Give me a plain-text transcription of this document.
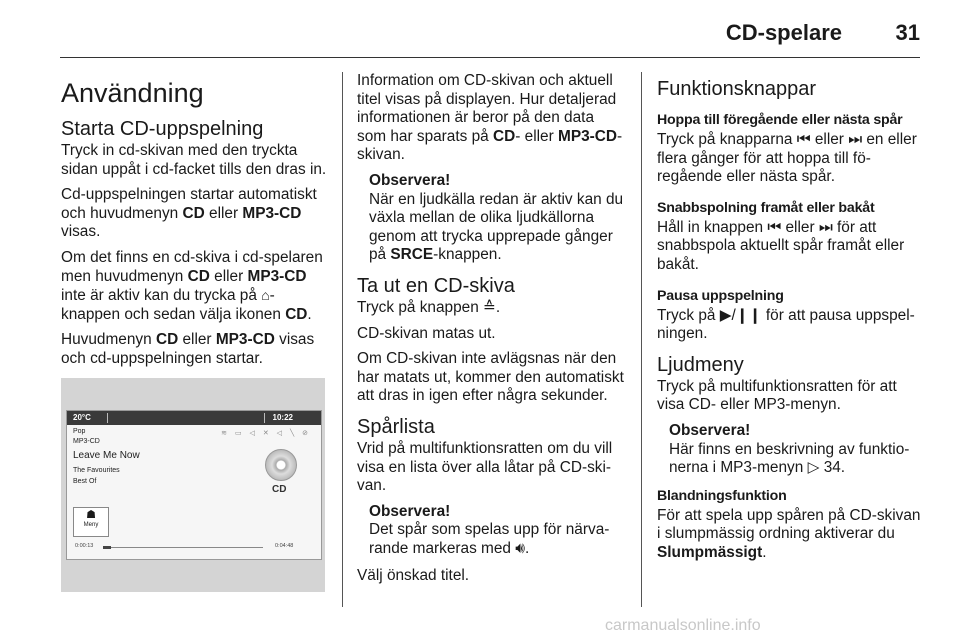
CD-spelare 31
Användning
Starta CD-uppspelning

Tryck in cd-skivan med den tryckta sidan uppåt i cd-facket tills den dras in.

Cd-uppspelningen startar automatiskt och huvudmenyn CD eller MP3-CD visas.

Om det finns en cd-skiva i cd-spelaren men huvudmenyn CD eller MP3-CD inte är aktiv kan du trycka på ⌂-knappen och sedan välja ikonen CD.

Huvudmenyn CD eller MP3-CD visas och cd-uppspelningen startar.

20°C	10:22
≋ ▭ ◁ ✕ ◁ ╲ ⊘
Pop
MP3-CD
Leave Me Now
The Favourites
Best Of
CD
☗
Meny
0:00:13	0:04:48

Information om CD-skivan och aktuell titel visas på displayen. Hur detaljerad informationen är beror på den data som har sparats på CD- eller MP3-CD-skivan.

Observera!
När en ljudkälla redan är aktiv kan du växla mellan de olika ljudkällorna genom att trycka upprepade gånger på SRCE-knappen.
Ta ut en CD-skiva

Tryck på knappen ≙.

CD-skivan matas ut.

Om CD-skivan inte avlägsnas när den har matats ut, kommer den automatiskt att dras in igen efter några sekunder.

Spårlista

Vrid på multifunktionsratten om du vill visa en lista över alla låtar på CD-skivan.

Observera!
Det spår som spelas upp för närvarande markeras med 🔊︎.

Välj önskad titel.

Funktionsknappar
Hoppa till föregående eller nästa spår

Tryck på knapparna ⏮ eller ⏭ en eller flera gånger för att hoppa till föregående eller nästa spår.

Snabbspolning framåt eller bakåt

Håll in knappen ⏮ eller ⏭ för att snabbspola aktuellt spår framåt eller bakåt.

Pausa uppspelning

Tryck på ▶/❙❙ för att pausa uppspelningen.

Ljudmeny

Tryck på multifunktionsratten för att visa CD- eller MP3-menyn.

Observera!
Här finns en beskrivning av funktionerna i MP3-menyn ▷ 34.
Blandningsfunktion

För att spela upp spåren på CD-skivan i slumpmässig ordning aktiverar du Slumpmässigt.

carmanualsonline.info
